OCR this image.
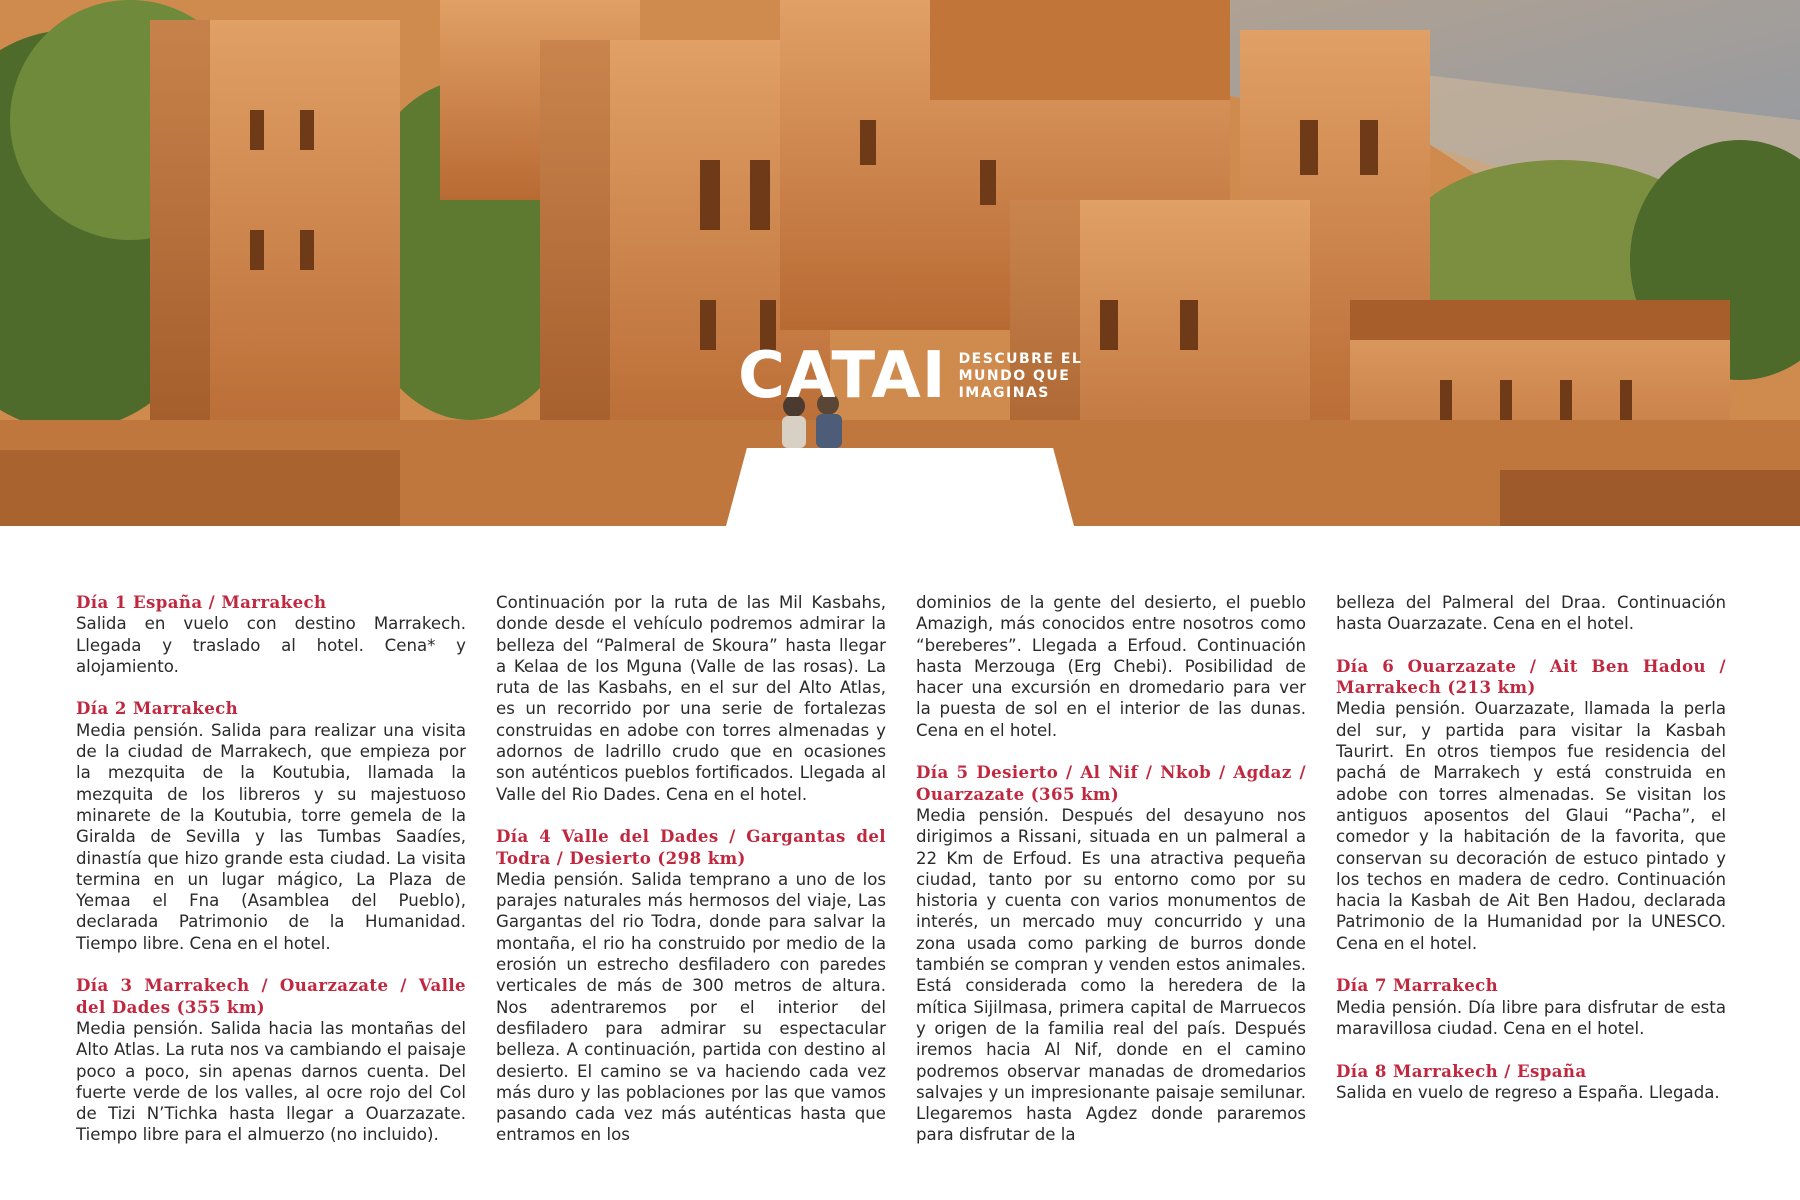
CATAI DESCUBRE EL MUNDO QUE IMAGINAS
Día 1 España / Marrakech
Salida en vuelo con destino Marrakech. Llegada y traslado al hotel. Cena* y alojamiento.
Día 2 Marrakech
Media pensión. Salida para realizar una visita de la ciudad de Marrakech, que empieza por la mezquita de la Koutubia, llamada la mezquita de los libreros y su majestuoso minarete de la Koutubia, torre gemela de la Giralda de Sevilla y las Tumbas Saadíes, dinastía que hizo grande esta ciudad. La visita termina en un lugar mágico, La Plaza de Yemaa el Fna (Asamblea del Pueblo), declarada Patrimonio de la Humanidad. Tiempo libre. Cena en el hotel.
Día 3 Marrakech / Ouarzazate / Valle del Dades (355 km)
Media pensión. Salida hacia las montañas del Alto Atlas. La ruta nos va cambiando el paisaje poco a poco, sin apenas darnos cuenta. Del fuerte verde de los valles, al ocre rojo del Col de Tizi N’Tichka hasta llegar a Ouarzazate. Tiempo libre para el almuerzo (no incluido).
Continuación por la ruta de las Mil Kasbahs, donde desde el vehículo podremos admirar la belleza del “Palmeral de Skoura” hasta llegar a Kelaa de los Mguna (Valle de las rosas). La ruta de las Kasbahs, en el sur del Alto Atlas, es un recorrido por una serie de fortalezas construidas en adobe con torres almenadas y adornos de ladrillo crudo que en ocasiones son auténticos pueblos fortificados. Llegada al Valle del Rio Dades. Cena en el hotel.
Día 4 Valle del Dades / Gargantas del Todra / Desierto (298 km)
Media pensión. Salida temprano a uno de los parajes naturales más hermosos del viaje, Las Gargantas del rio Todra, donde para salvar la montaña, el rio ha construido por medio de la erosión un estrecho desfiladero con paredes verticales de más de 300 metros de altura. Nos adentraremos por el interior del desfiladero para admirar su espectacular belleza. A continuación, partida con destino al desierto. El camino se va haciendo cada vez más duro y las poblaciones por las que vamos pasando cada vez más auténticas hasta que entramos en los
dominios de la gente del desierto, el pueblo Amazigh, más conocidos entre nosotros como “bereberes”. Llegada a Erfoud. Continuación hasta Merzouga (Erg Chebi). Posibilidad de hacer una excursión en dromedario para ver la puesta de sol en el interior de las dunas. Cena en el hotel.
Día 5 Desierto / Al Nif / Nkob / Agdaz / Ouarzazate (365 km)
Media pensión. Después del desayuno nos dirigimos a Rissani, situada en un palmeral a 22 Km de Erfoud. Es una atractiva pequeña ciudad, tanto por su entorno como por su historia y cuenta con varios monumentos de interés, un mercado muy concurrido y una zona usada como parking de burros donde también se compran y venden estos animales. Está considerada como la heredera de la mítica Sijilmasa, primera capital de Marruecos y origen de la familia real del país. Después iremos hacia Al Nif, donde en el camino podremos observar manadas de dromedarios salvajes y un impresionante paisaje semilunar. Llegaremos hasta Agdez donde pararemos para disfrutar de la
belleza del Palmeral del Draa. Continuación hasta Ouarzazate. Cena en el hotel.
Día 6 Ouarzazate / Ait Ben Hadou / Marrakech (213 km)
Media pensión. Ouarzazate, llamada la perla del sur, y partida para visitar la Kasbah Taurirt. En otros tiempos fue residencia del pachá de Marrakech y está construida en adobe con torres almenadas. Se visitan los antiguos aposentos del Glaui “Pacha”, el comedor y la habitación de la favorita, que conservan su decoración de estuco pintado y los techos en madera de cedro. Continuación hacia la Kasbah de Ait Ben Hadou, declarada Patrimonio de la Humanidad por la UNESCO. Cena en el hotel.
Día 7 Marrakech
Media pensión. Día libre para disfrutar de esta maravillosa ciudad. Cena en el hotel.
Día 8 Marrakech / España
Salida en vuelo de regreso a España. Llegada.
